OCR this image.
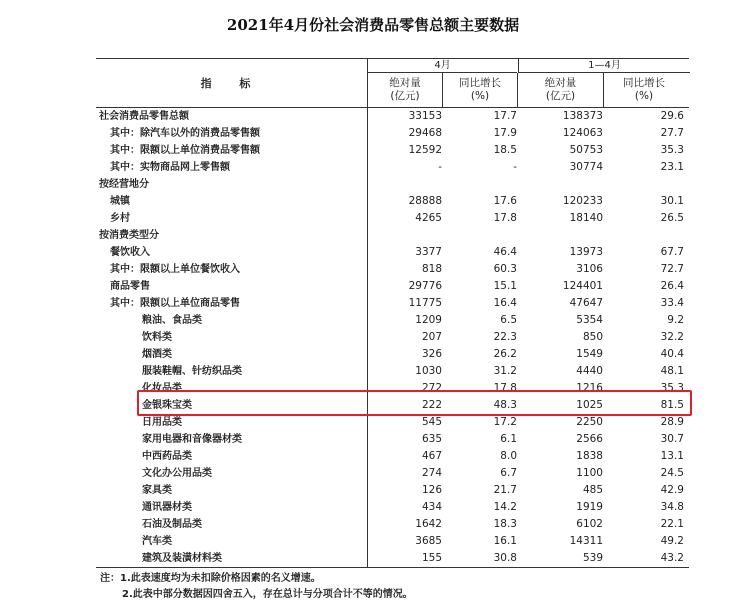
2021年4月份社会消费品零售总额主要数据
指 标
4月	1—4月
绝对量
(亿元)
同比增长
(%)
绝对量
(亿元)
同比增长
(%)
社会消费品零售总额	33153	17.7	138373	29.6
其中：除汽车以外的消费品零售额	29468	17.9	124063	27.7
其中：限额以上单位消费品零售额	12592	18.5	50753	35.3
其中：实物商品网上零售额	-	-	30774	23.1
按经营地分
城镇	28888	17.6	120233	30.1
乡村	4265	17.8	18140	26.5
按消费类型分
餐饮收入	3377	46.4	13973	67.7
其中：限额以上单位餐饮收入	818	60.3	3106	72.7
商品零售	29776	15.1	124401	26.4
其中：限额以上单位商品零售	11775	16.4	47647	33.4
粮油、食品类	1209	6.5	5354	9.2
饮料类	207	22.3	850	32.2
烟酒类	326	26.2	1549	40.4
服装鞋帽、针纺织品类	1030	31.2	4440	48.1
化妆品类	272	17.8	1216	35.3
金银珠宝类	222	48.3	1025	81.5
日用品类	545	17.2	2250	28.9
家用电器和音像器材类	635	6.1	2566	30.7
中西药品类	467	8.0	1838	13.1
文化办公用品类	274	6.7	1100	24.5
家具类	126	21.7	485	42.9
通讯器材类	434	14.2	1919	34.8
石油及制品类	1642	18.3	6102	22.1
汽车类	3685	16.1	14311	49.2
建筑及装潢材料类	155	30.8	539	43.2
注：1.此表速度均为未扣除价格因素的名义增速。
2.此表中部分数据因四舍五入，存在总计与分项合计不等的情况。
